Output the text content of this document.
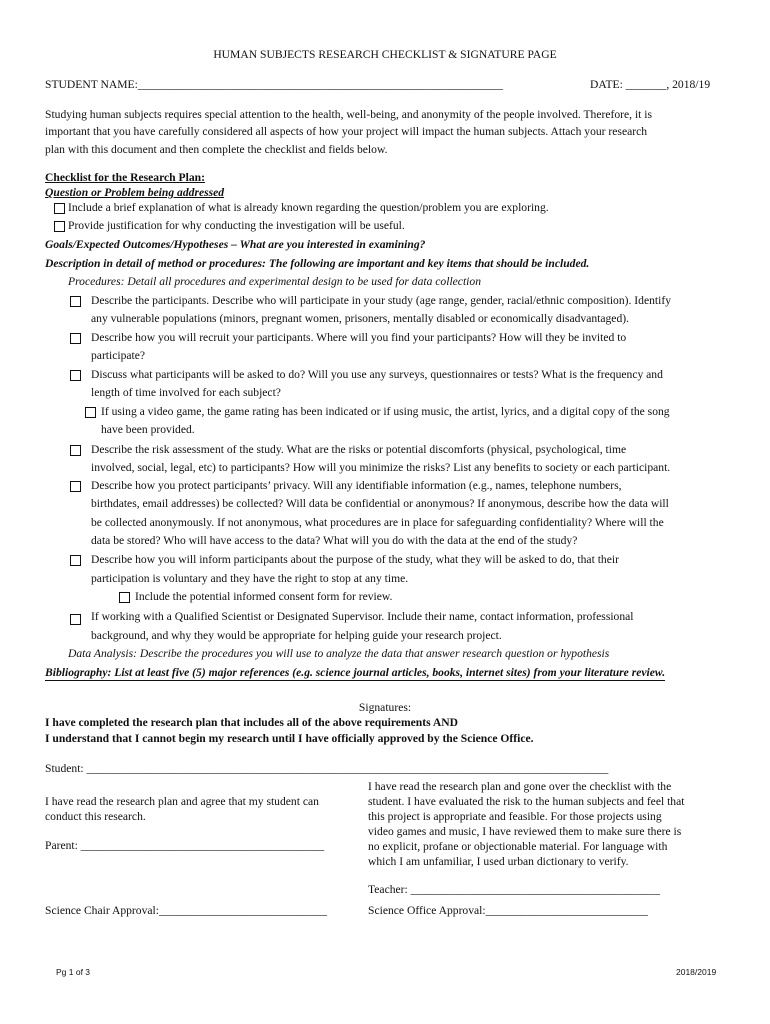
HUMAN SUBJECTS RESEARCH CHECKLIST & SIGNATURE PAGE
STUDENT NAME:_______________________________________________________________	DATE: _______, 2018/19
Studying human subjects requires special attention to the health, well-being, and anonymity of the people involved. Therefore, it is
important that you have carefully considered all aspects of how your project will impact the human subjects. Attach your research
plan with this document and then complete the checklist and fields below.
Checklist for the Research Plan:
Question or Problem being addressed
Include a brief explanation of what is already known regarding the question/problem you are exploring.
Provide justification for why conducting the investigation will be useful.
Goals/Expected Outcomes/Hypotheses – What are you interested in examining?
Description in detail of method or procedures: The following are important and key items that should be included.
Procedures: Detail all procedures and experimental design to be used for data collection
Describe the participants. Describe who will participate in your study (age range, gender, racial/ethnic composition). Identify
any vulnerable populations (minors, pregnant women, prisoners, mentally disabled or economically disadvantaged).
Describe how you will recruit your participants. Where will you find your participants? How will they be invited to
participate?
Discuss what participants will be asked to do? Will you use any surveys, questionnaires or tests? What is the frequency and
length of time involved for each subject?
If using a video game, the game rating has been indicated or if using music, the artist, lyrics, and a digital copy of the song
have been provided.
Describe the risk assessment of the study. What are the risks or potential discomforts (physical, psychological, time
involved, social, legal, etc) to participants? How will you minimize the risks? List any benefits to society or each participant.
Describe how you protect participants’ privacy. Will any identifiable information (e.g., names, telephone numbers,
birthdates, email addresses) be collected? Will data be confidential or anonymous? If anonymous, describe how the data will
be collected anonymously. If not anonymous, what procedures are in place for safeguarding confidentiality? Where will the
data be stored? Who will have access to the data? What will you do with the data at the end of the study?
Describe how you will inform participants about the purpose of the study, what they will be asked to do, that their
participation is voluntary and they have the right to stop at any time.
Include the potential informed consent form for review.
If working with a Qualified Scientist or Designated Supervisor. Include their name, contact information, professional
background, and why they would be appropriate for helping guide your research project.
Data Analysis: Describe the procedures you will use to analyze the data that answer research question or hypothesis
Bibliography: List at least five (5) major references (e.g. science journal articles, books, internet sites) from your literature review.
Signatures:
I have completed the research plan that includes all of the above requirements AND
I understand that I cannot begin my research until I have officially approved by the Science Office.
Student: __________________________________________________________________________________________
I have read the research plan and agree that my student can
conduct this research.
Parent: __________________________________________
I have read the research plan and gone over the checklist with the
student. I have evaluated the risk to the human subjects and feel that
this project is appropriate and feasible. For those projects using
video games and music, I have reviewed them to make sure there is
no explicit, profane or objectionable material. For language with
which I am unfamiliar, I used urban dictionary to verify.
Teacher: ___________________________________________
Science Chair Approval:_____________________________	Science Office Approval:____________________________
Pg 1 of 3	2018/2019
